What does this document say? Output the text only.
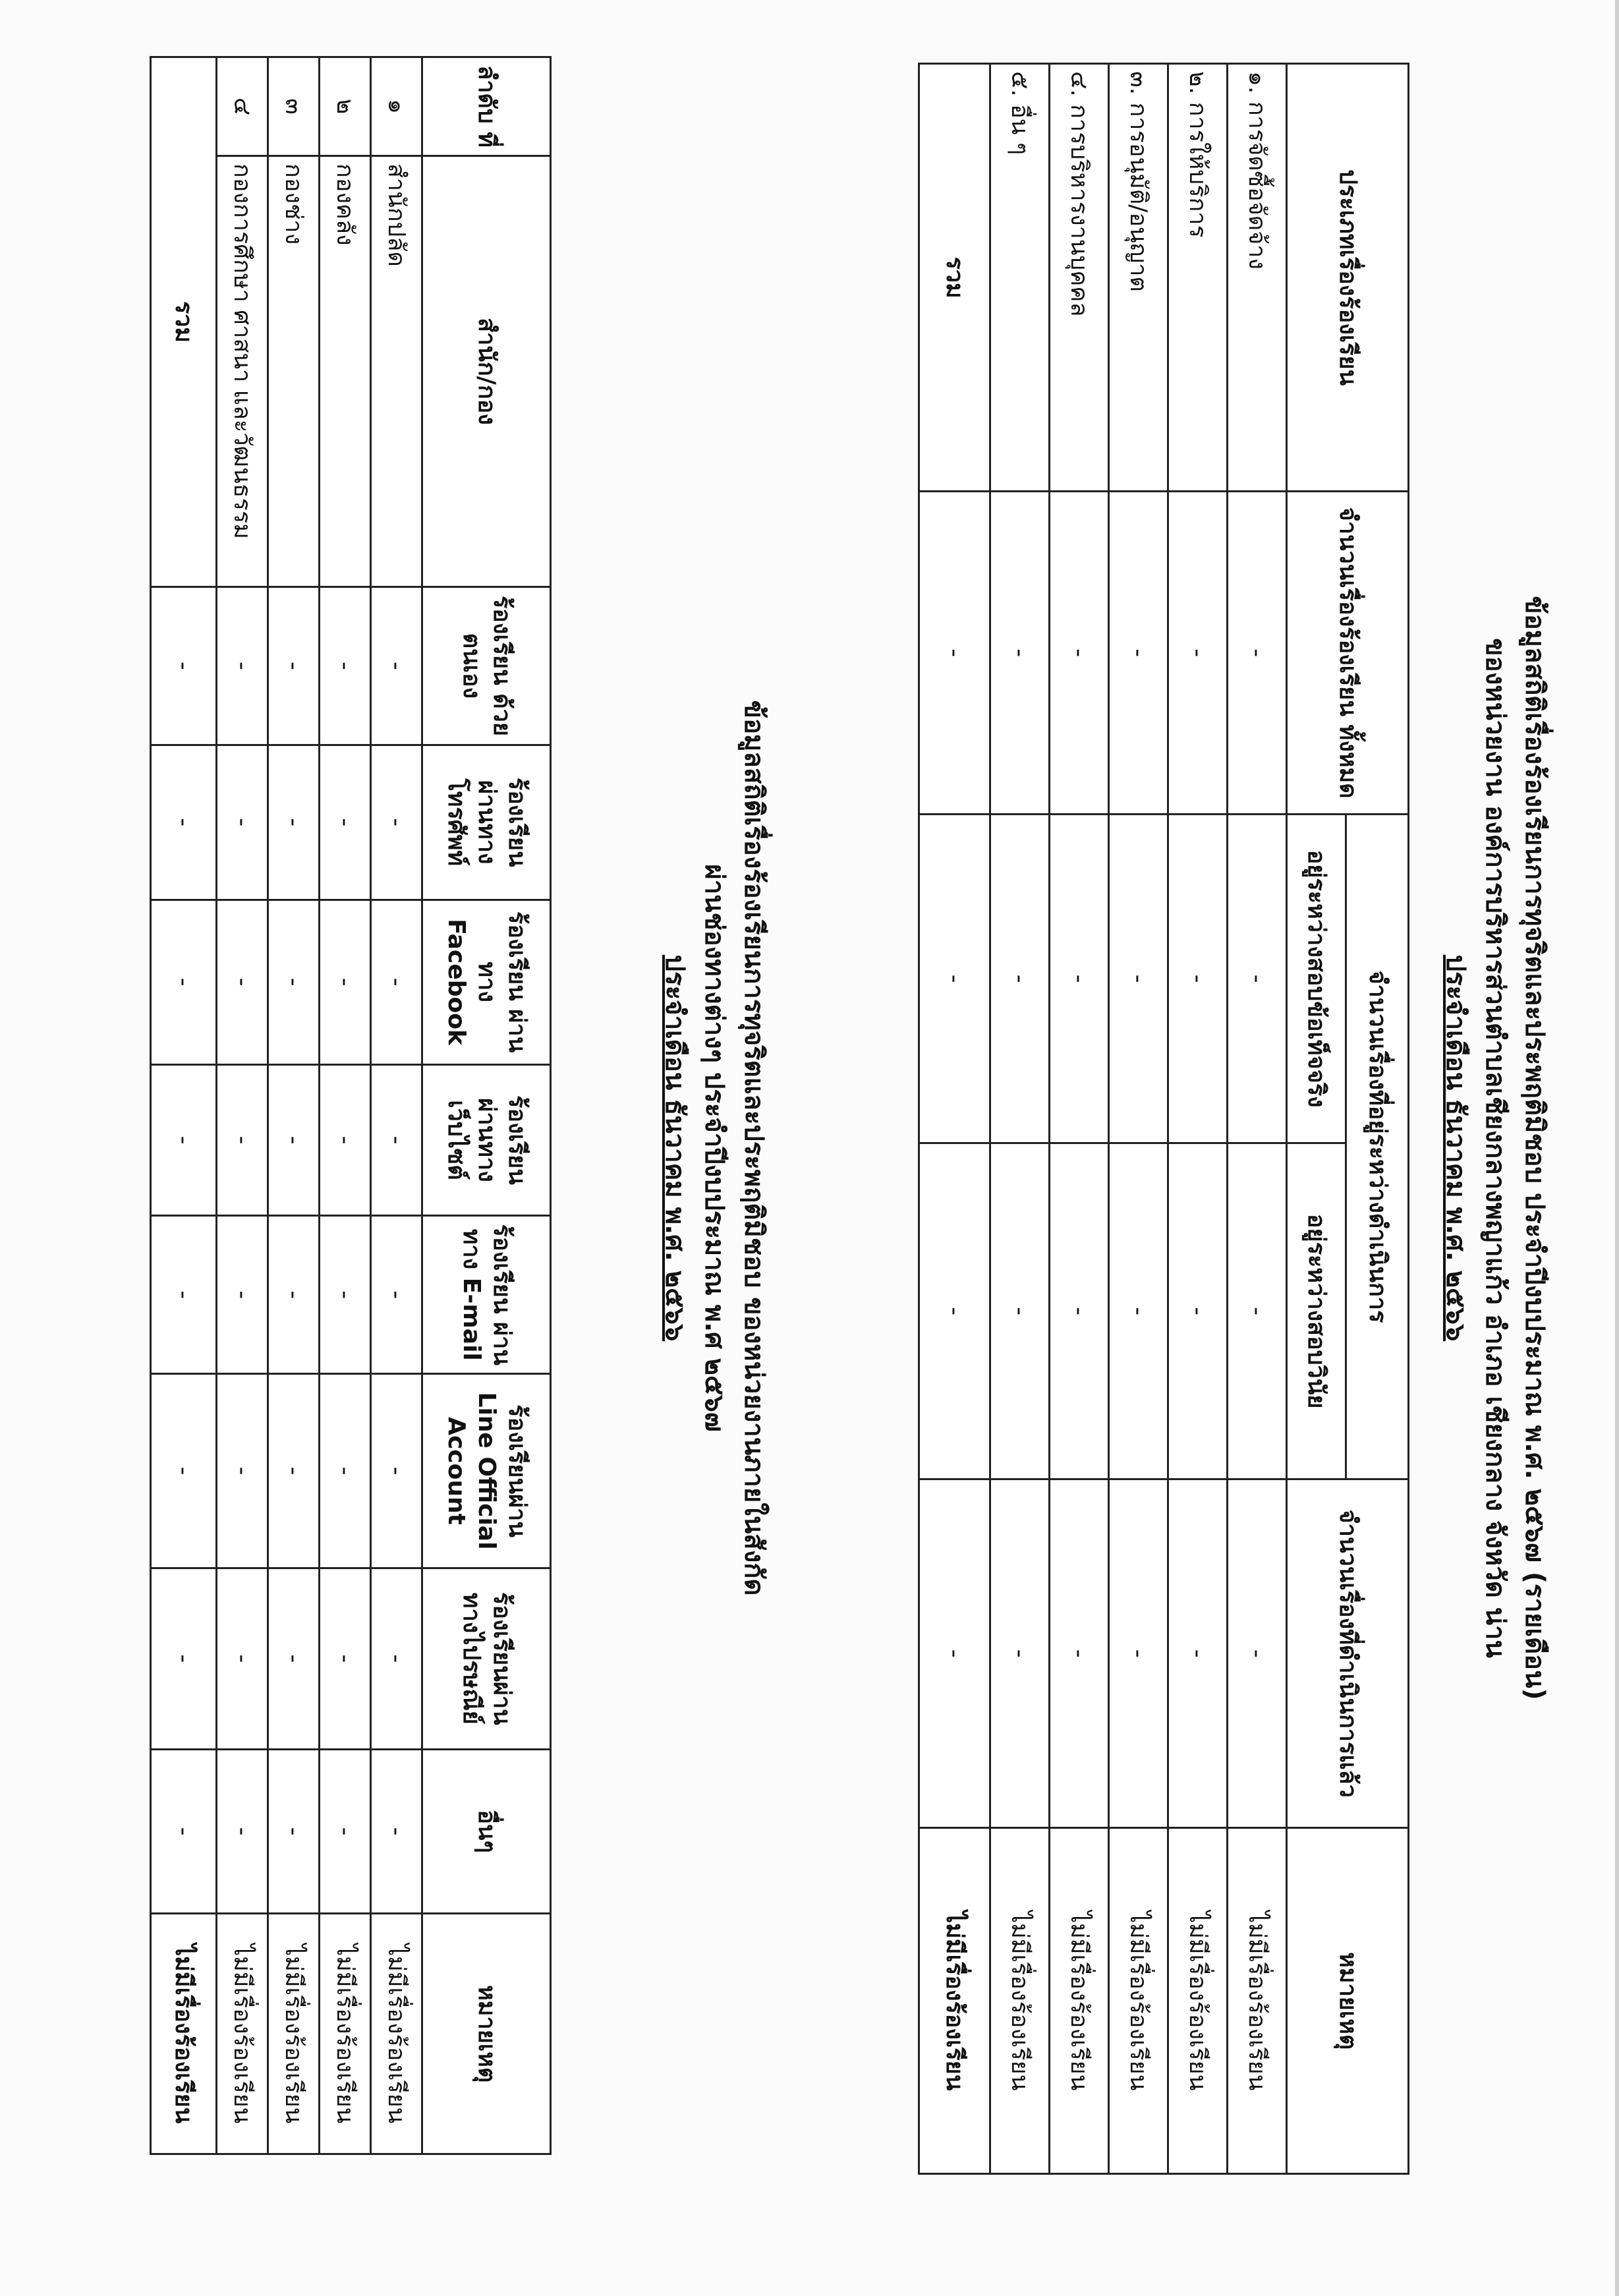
ข้อมูลสถิติเรื่องร้องเรียนการทุจริตและประพฤติมิชอบ ประจำปีงบประมาณ พ.ศ. ๒๕๖๗ (รายเดือน)
ของหน่วยงาน องค์การบริหารส่วนตำบลเชียงกลางพญาแก้ว อำเภอ เชียงกลาง จังหวัด น่าน
ประจำเดือน ธันวาคม พ.ศ. ๒๕๖๖
ประเภทเรื่องร้องเรียน	จำนวนเรื่องร้องเรียน ทั้งหมด	จำนวนเรื่องที่อยู่ระหว่างดำเนินการ		จำนวนเรื่องที่ดำเนินการแล้ว	หมายเหตุ
		อยู่ระหว่างสอบข้อเท็จจริง	อยู่ระหว่างสอบวินัย		
๑. การจัดซื้อจัดจ้าง	-	-	-	-	ไม่มีเรื่องร้องเรียน
๒. การให้บริการ	-	-	-	-	ไม่มีเรื่องร้องเรียน
๓. การอนุมัติ/อนุญาต	-	-	-	-	ไม่มีเรื่องร้องเรียน
๔. การบริหารงานบุคคล	-	-	-	-	ไม่มีเรื่องร้องเรียน
๕. อื่น ๆ	-	-	-	-	ไม่มีเรื่องร้องเรียน
รวม	-	-	-	-	ไม่มีเรื่องร้องเรียน
ข้อมูลสถิติเรื่องร้องเรียนการทุจริตและประพฤติมิชอบ ของหน่วยงานภายในสังกัด
ผ่านช่องทางต่างๆ ประจำปีงบประมาณ พ.ศ ๒๕๖๗
ประจำเดือน ธันวาคม พ.ศ. ๒๕๖๖
ลำดับ ที่	สำนัก/กอง	ร้องเรียน ด้วยตนเอง	ร้องเรียน ผ่านทาง โทรศัพท์	ร้องเรียน ผ่านทาง Facebook	ร้องเรียน ผ่านทาง เว็บไซต์	ร้องเรียน ผ่านทาง E-mail	ร้องเรียนผ่าน Line Official Account	ร้องเรียนผ่าน ทางไปรษณีย์	อื่นๆ	หมายเหตุ
๑	สำนักปลัด	-	-	-	-	-	-	-	-	ไม่มีเรื่องร้องเรียน
๒	กองคลัง	-	-	-	-	-	-	-	-	ไม่มีเรื่องร้องเรียน
๓	กองช่าง	-	-	-	-	-	-	-	-	ไม่มีเรื่องร้องเรียน
๔	กองการศึกษา ศาสนา และวัฒนธรรม	-	-	-	-	-	-	-	-	ไม่มีเรื่องร้องเรียน
รวม		-	-	-	-	-	-	-	-	ไม่มีเรื่องร้องเรียน
